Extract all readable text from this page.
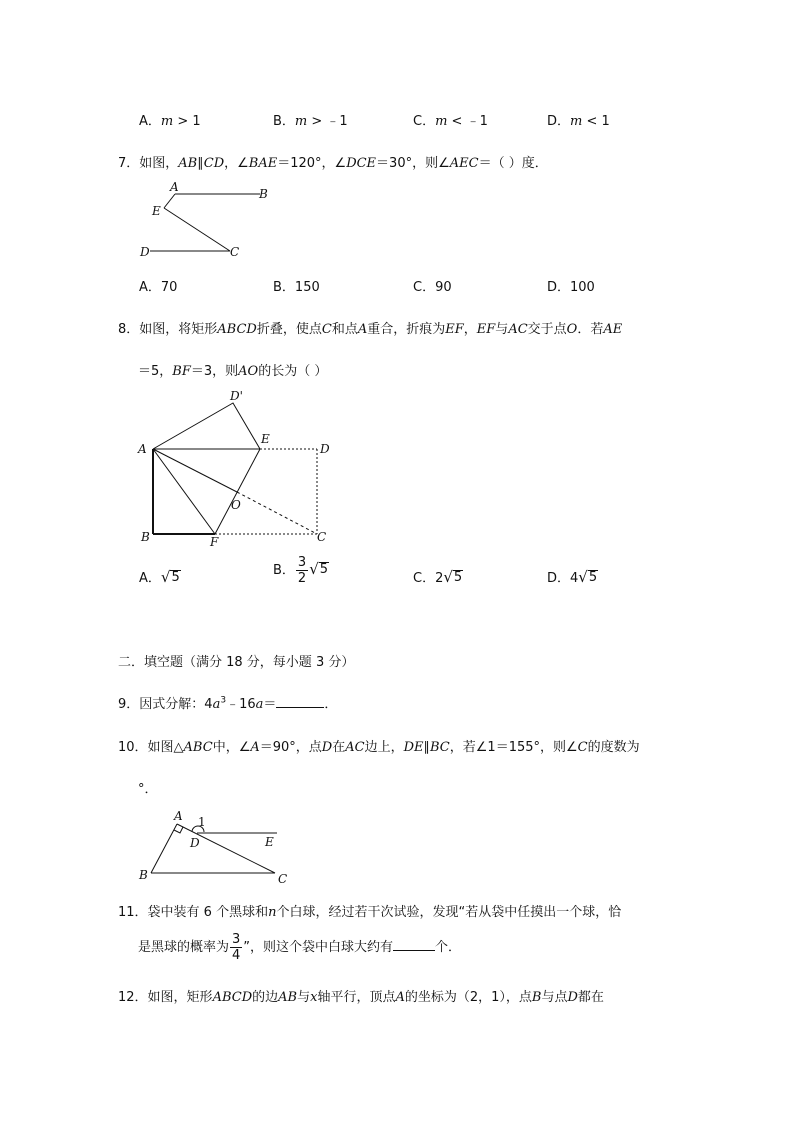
A．m > 1	B．m > ﹣1	C．m < ﹣1	D．m < 1
7．如图，AB∥CD，∠BAE＝120°，∠DCE＝30°，则∠AEC＝（ ）度．
A	B
E
D	C
A．70	B．150	C．90	D．100
8．如图，将矩形ABCD折叠，使点C和点A重合，折痕为EF，EF与AC交于点O．若AE
＝5，BF＝3，则AO的长为（ ）
D'
A
E
D
O
B	F	C
A． √ 5	B． $\frac{3}{2}$ √ 5
C．2 √ 5	D．4 √ 5
二．填空题（满分 18 分，每小题 3 分）
9．因式分解：$4a^3﹣16a=$	．
10．如图△ABC中，∠A＝90°，点D在AC边上，DE∥BC，若∠1＝155°，则∠C的度数为
°．
A 1
D	E
B	C
11．袋中装有 6 个黑球和n个白球，经过若干次试验，发现“若从袋中任摸出一个球，恰
是黑球的概率为 $\frac{3}{4}$ ”，则这个袋中白球大约有	个．
12．如图，矩形ABCD的边AB与x轴平行，顶点A的坐标为（2，1），点B与点D都在
